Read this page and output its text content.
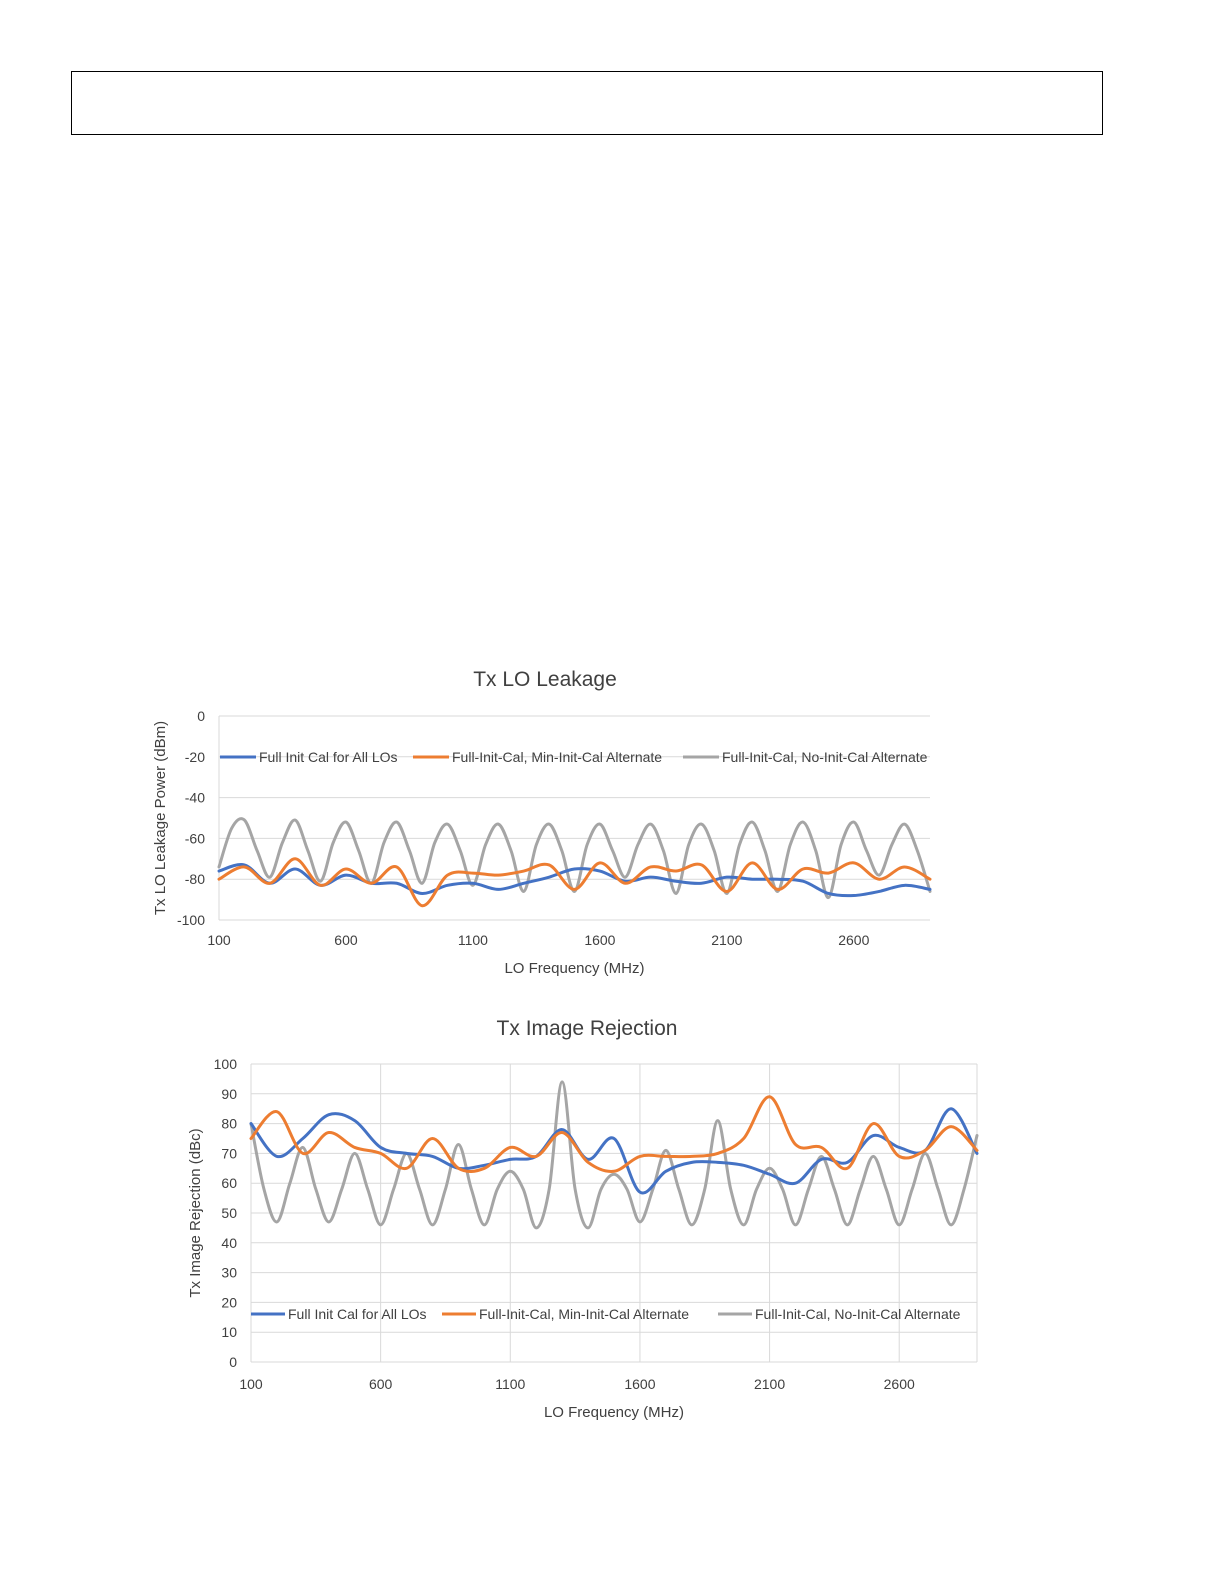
Tx LO Leakage
0
-20
-40
-60
-80
-100
100	600	1100	1600	2100	2600
LO Frequency (MHz)
Tx LO Leakage Power (dBm)	Full Init Cal for All LOs	Full-Init-Cal, Min-Init-Cal Alternate	Full-Init-Cal, No-Init-Cal Alternate
Tx Image Rejection
100
90
80
70
60
50
40
30
20
10
0
100	600	1100	1600	2100	2600
LO Frequency (MHz)
Tx Image Rejection (dBc)
Full Init Cal for All LOs	Full-Init-Cal, Min-Init-Cal Alternate	Full-Init-Cal, No-Init-Cal Alternate
